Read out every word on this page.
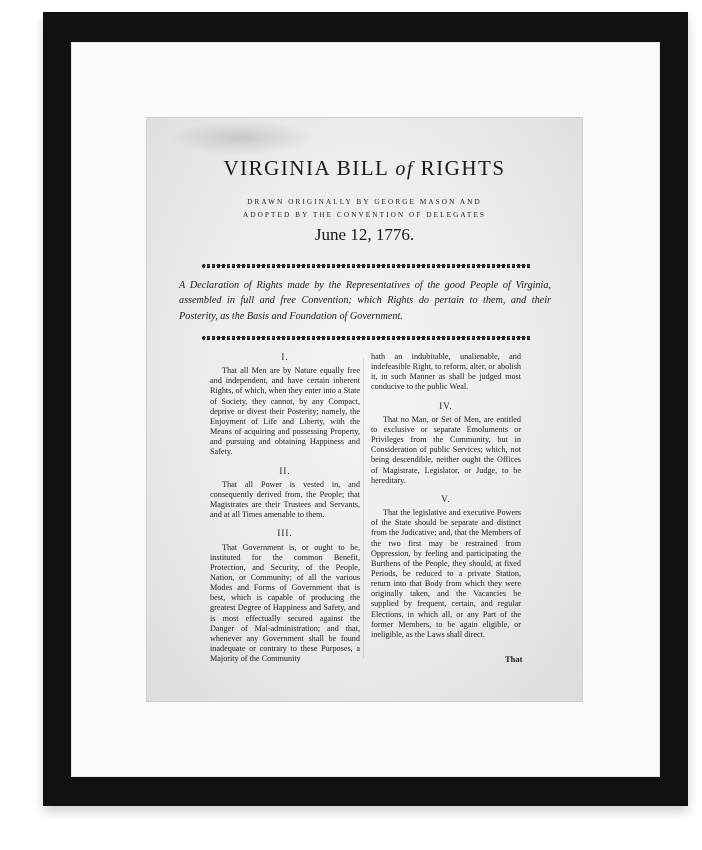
VIRGINIA BILL of RIGHTS
DRAWN ORIGINALLY BY GEORGE MASON AND
ADOPTED BY THE CONVENTION OF DELEGATES
June 12, 1776.
A Declaration of Rights made by the Representatives of the good People of Virginia, assembled in full and free Convention; which Rights do pertain to them, and their Posterity, as the Basis and Foundation of Government.
I.
That all Men are by Nature equally free and independent, and have certain inherent Rights, of which, when they enter into a State of Society, they cannot, by any Compact, deprive or divest their Posterity; namely, the Enjoyment of Life and Liberty, with the Means of acquiring and possessing Property, and pursuing and obtaining Happiness and Safety.
II.
That all Power is vested in, and consequently derived from, the People; that Magistrates are their Trustees and Servants, and at all Times amenable to them.
III.
That Government is, or ought to be, instituted for the common Benefit, Protection, and Security, of the People, Nation, or Community; of all the various Modes and Forms of Government that is best, which is capable of producing the greatest Degree of Happiness and Safety, and is most effectually secured against the Danger of Mal-administration; and that, whenever any Government shall be found inadequate or contrary to these Purposes, a Majority of the Community
hath an indubitable, unalienable, and indefeasible Right, to reform, alter, or abolish it, in such Manner as shall be judged most conducive to the public Weal.
IV.
That no Man, or Set of Men, are entitled to exclusive or separate Emoluments or Privileges from the Community, but in Consideration of public Services; which, not being descendible, neither ought the Offices of Magistrate, Legislator, or Judge, to be hereditary.
V.
That the legislative and executive Powers of the State should be separate and distinct from the Judicative; and, that the Members of the two first may be restrained from Oppression, by feeling and participating the Burthens of the People, they should, at fixed Periods, be reduced to a private Station, return into that Body from which they were originally taken, and the Vacancies be supplied by frequent, certain, and regular Elections, in which all, or any Part of the former Members, to be again eligible, or ineligible, as the Laws shall direct.
That
